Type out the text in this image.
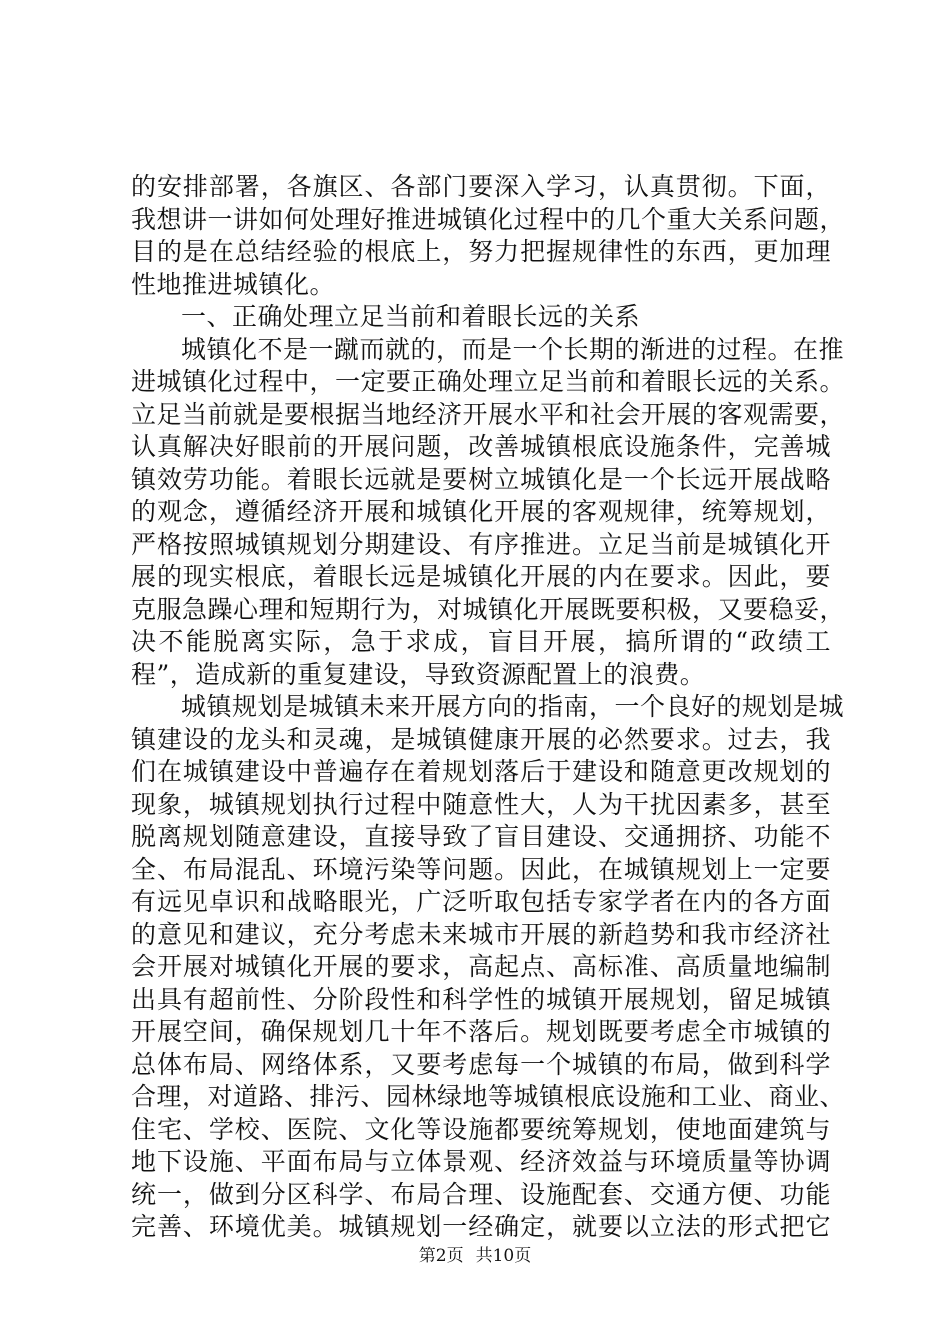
的安排部署，各旗区、各部门要深入学习，认真贯彻。下面，
我想讲一讲如何处理好推进城镇化过程中的几个重大关系问题，
目的是在总结经验的根底上，努力把握规律性的东西，更加理
性地推进城镇化。
一、正确处理立足当前和着眼长远的关系
城镇化不是一蹴而就的，而是一个长期的渐进的过程。在推
进城镇化过程中，一定要正确处理立足当前和着眼长远的关系。
立足当前就是要根据当地经济开展水平和社会开展的客观需要，
认真解决好眼前的开展问题，改善城镇根底设施条件，完善城
镇效劳功能。着眼长远就是要树立城镇化是一个长远开展战略
的观念，遵循经济开展和城镇化开展的客观规律，统筹规划，
严格按照城镇规划分期建设、有序推进。立足当前是城镇化开
展的现实根底，着眼长远是城镇化开展的内在要求。因此，要
克服急躁心理和短期行为，对城镇化开展既要积极，又要稳妥，
决不能脱离实际，急于求成，盲目开展，搞所谓的“政绩工
程”，造成新的重复建设，导致资源配置上的浪费。
城镇规划是城镇未来开展方向的指南，一个良好的规划是城
镇建设的龙头和灵魂，是城镇健康开展的必然要求。过去，我
们在城镇建设中普遍存在着规划落后于建设和随意更改规划的
现象，城镇规划执行过程中随意性大，人为干扰因素多，甚至
脱离规划随意建设，直接导致了盲目建设、交通拥挤、功能不
全、布局混乱、环境污染等问题。因此，在城镇规划上一定要
有远见卓识和战略眼光，广泛听取包括专家学者在内的各方面
的意见和建议，充分考虑未来城市开展的新趋势和我市经济社
会开展对城镇化开展的要求，高起点、高标准、高质量地编制
出具有超前性、分阶段性和科学性的城镇开展规划，留足城镇
开展空间，确保规划几十年不落后。规划既要考虑全市城镇的
总体布局、网络体系，又要考虑每一个城镇的布局，做到科学
合理，对道路、排污、园林绿地等城镇根底设施和工业、商业、
住宅、学校、医院、文化等设施都要统筹规划，使地面建筑与
地下设施、平面布局与立体景观、经济效益与环境质量等协调
统一，做到分区科学、布局合理、设施配套、交通方便、功能
完善、环境优美。城镇规划一经确定，就要以立法的形式把它
第2页 共10页
